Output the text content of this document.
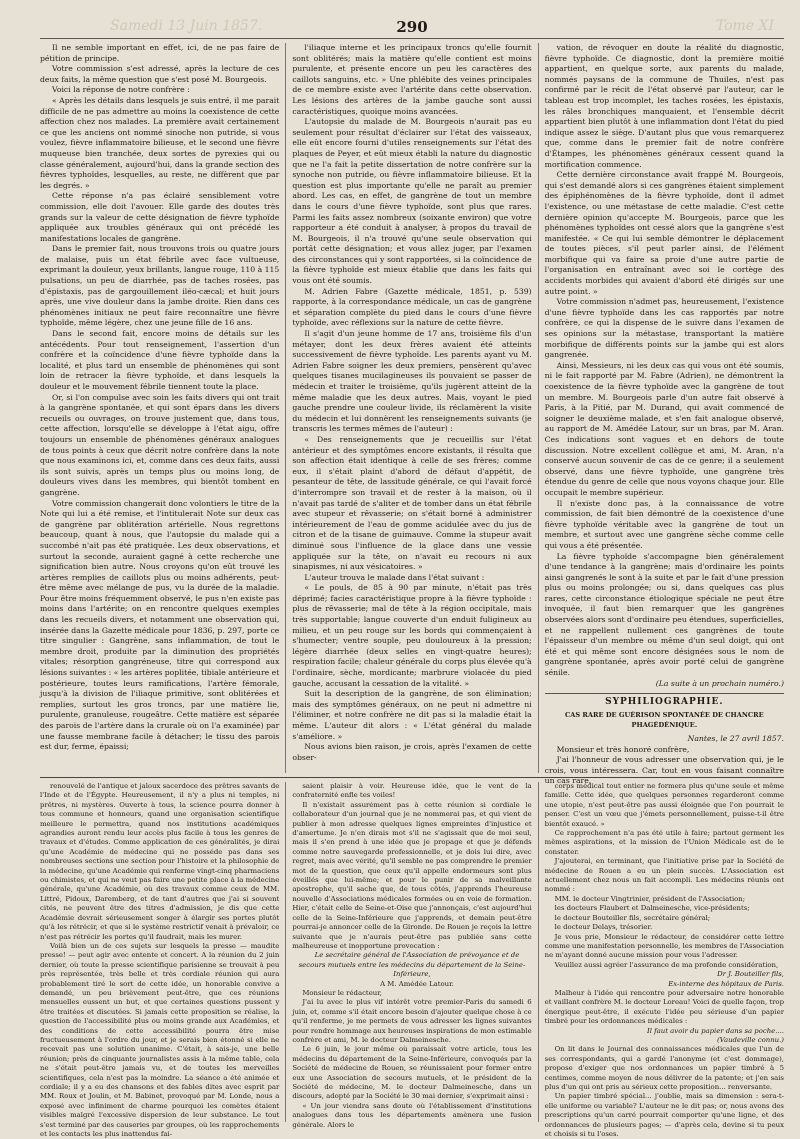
Samedi 13 Juin 1857.	290	Tome XI

Il ne semble important en effet, ici, de ne pas faire de pétition de principe.

Votre commission s'est adressé, après la lecture de ces deux faits, la même question que s'est posé M. Bourgeois.

Voici la réponse de notre confrère :

« Après les détails dans lesquels je suis entré, il me parait difficile de ne pas admettre au moins la coexistence de cette affection chez nos malades. La première avait certainement ce que les anciens ont nommé sinoche non putride, si vous voulez, fièvre inflammatoire bilieuse, et le second une fièvre muqueuse bien tranchée, deux sortes de pyrexies qui ou classe généralement, aujourd'hui, dans la grande section des fièvres typhoïdes, lesquelles, au reste, ne diffèrent que par les degrés. »

Cette réponse n'a pas éclairé sensiblement votre commission, elle doit l'avouer. Elle garde des doutes très grands sur la valeur de cette désignation de fièvre typhoïde appliquée aux troubles généraux qui ont précédé les manifestations locales de gangrène.

Dans le premier fait, nous trouvons trois ou quatre jours de malaise, puis un état fébrile avec face vultueuse, exprimant la douleur, yeux brillants, langue rouge, 110 à 115 pulsations, un peu de diarrhée, pas de taches rosées, pas d'épistaxis, pas de gargouillement iléo-cæcal; et huit jours après, une vive douleur dans la jambe droite. Rien dans ces phénomènes initiaux ne peut faire reconnaître une fièvre typhoïde, même légère, chez une jeune fille de 16 ans.

Dans le second fait, encore moins de détails sur les antécédents. Pour tout renseignement, l'assertion d'un confrère et la coïncidence d'une fièvre typhoïde dans la localité, et plus tard un ensemble de phénomènes qui sont loin de retracer la fièvre typhoïde, et dans lesquels la douleur et le mouvement fébrile tiennent toute la place.

Or, si l'on compulse avec soin les faits divers qui ont trait à la gangrène spontanée, et qui sont épars dans les divers recueils ou ouvrages, on trouve justement que, dans tous, cette affection, lorsqu'elle se développe à l'état aigu, offre toujours un ensemble de phénomènes généraux analogues de tous points à ceux que décrit notre confrère dans la note que nous examinons ici, et, comme dans ces deux faits, aussi ils sont suivis, après un temps plus ou moins long, de douleurs vives dans les membres, qui bientôt tombent en gangrène.

Votre commission changerait donc volontiers le titre de la Note qui lui a été remise, et l'intitulerait Note sur deux cas de gangrène par oblitération artérielle. Nous regrettons beaucoup, quant à nous, que l'autopsie du malade qui a succombé n'ait pas été pratiquée. Les deux observations, et surtout la seconde, auraient gagné à cette recherche une signification bien autre. Nous croyons qu'on eût trouvé les artères remplies de caillots plus ou moins adhérents, peut-être même avec mélange de pus, vu la durée de la maladie. Pour être moins fréquemment observé, le pus n'en existe pas moins dans l'artérite; on en rencontre quelques exemples dans les recueils divers, et notamment une observation qui, insérée dans la Gazette médicale pour 1836, p. 297, porte ce titre singulier : Gangrène, sans inflammation, de tout le membre droit, produite par la diminution des propriétés vitales; résorption gangréneuse, titre qui correspond aux lésions suivantes : « les artères poplitée, tibiale antérieure et postérieure, toutes leurs ramifications, l'artère fémorale, jusqu'à la division de l'iliaque primitive, sont oblitérées et remplies, surtout les gros troncs, par une matière lie, purulente, granuleuse, rougeâtre. Cette matière est séparée des parois de l'artère dans la crurale où on l'a examinée) par une fausse membrane facile à détacher; le tissu des parois est dur, ferme, épaissi;

l'iliaque interne et les principaux troncs qu'elle fournit sont oblitérés; mais la matière qu'elle contient est moins purulente, et présente encore un peu les caractères des caillots sanguins, etc. » Une phlébite des veines principales de ce membre existe avec l'artérite dans cette observation. Les lésions des artères de la jambe gauche sont aussi caractéristiques, quoique moins avancées.

L'autopsie du malade de M. Bourgeois n'aurait pas eu seulement pour résultat d'éclairer sur l'état des vaisseaux, elle eût encore fourni d'utiles renseignements sur l'état des plaques de Peyer, et eût mieux établi la nature du diagnostic que ne l'a fait la petite dissertation de notre confrère sur la synoche non putride, ou fièvre inflammatoire bilieuse. Et la question est plus importante qu'elle ne paraît au premier abord. Les cas, en effet, de gangrène de tout un membre dans le cours d'une fièvre typhoïde, sont plus que rares. Parmi les faits assez nombreux (soixante environ) que votre rapporteur a été conduit à analyser, à propos du travail de M. Bourgeois, il n'a trouvé qu'une seule observation qui portât cette désignation; et vous allez juger, par l'examen des circonstances qui y sont rapportées, si la coïncidence de la fièvre typhoïde est mieux établie que dans les faits qui vous ont été soumis.

M. Adrien Fabre (Gazette médicale, 1851, p. 539) rapporte, à la correspondance médicale, un cas de gangrène et séparation complète du pied dans le cours d'une fièvre typhoïde, avec réflexions sur la nature de cette fièvre.

Il s'agit d'un jeune homme de 17 ans, troisième fils d'un métayer, dont les deux frères avaient été atteints successivement de fièvre typhoïde. Les parents ayant vu M. Adrien Fabre soigner les deux premiers, pensèrent qu'avec quelques tisanes mucilagineuses ils pouvaient se passer de médecin et traiter le troisième, qu'ils jugèrent atteint de la même maladie que les deux autres. Mais, voyant le pied gauche prendre une couleur livide, ils réclamèrent la visite du médecin et lui donnèrent les renseignements suivants (je transcris les termes mêmes de l'auteur) :

« Des renseignements que je recueillis sur l'état antérieur et des symptômes encore existants, il résulta que son affection était identique à celle de ses frères; comme eux, il s'était plaint d'abord de défaut d'appétit, de pesanteur de tête, de lassitude générale, ce qui l'avait forcé d'interrompre son travail et de rester à la maison, où il n'avait pas tardé de s'aliter et de tomber dans un état fébrile avec stupeur et rêvasserie; on s'était borné à administrer intérieurement de l'eau de gomme acidulée avec du jus de citron et de la tisane de guimauve. Comme la stupeur avait diminué sous l'influence de la glace dans une vessie appliquée sur la tête, on n'avait eu recours ni aux sinapismes, ni aux vésicatoires. »

L'auteur trouva le malade dans l'état suivant :

« Le pouls, de 85 à 90 par minute, n'était pas très déprimé; facies caractéristique propre à la fièvre typhoïde : plus de rêvasserie; mal de tête à la région occipitale, mais très supportable; langue couverte d'un enduit fuligineux au milieu, et un peu rouge sur les bords qui commençaient à s'humecter; ventre souple, peu douloureux à la pression; légère diarrhée (deux selles en vingt-quatre heures); respiration facile; chaleur générale du corps plus élevée qu'à l'ordinaire, sèche, mordicante; marbrure violacée du pied gauche, accusant la cessation de la vitalité. »

Suit la description de la gangrène, de son élimination; mais des symptômes généraux, on ne peut ni admettre ni l'éliminer, et notre confrère ne dit pas si la maladie était la même. L'auteur dit alors : « L'état général du malade s'améliore. »

Nous avions bien raison, je crois, après l'examen de cette obser-

vation, de révoquer en doute la réalité du diagnostic, fièvre typhoïde. Ce diagnostic, dont la première moitié appartient, en quelque sorte, aux parents du malade, nommés paysans de la commune de Thuiles, n'est pas confirmé par le récit de l'état observé par l'auteur, car le tableau est trop incomplet, les taches rosées, les épistaxis, les râles bronchiques manquaient, et l'ensemble décrit appartient bien plutôt à une inflammation dont l'état du pied indique assez le siège. D'autant plus que vous remarquerez que, comme dans le premier fait de notre confrère d'Étampes, les phénomènes généraux cessent quand la mortification commence.

Cette dernière circonstance avait frappé M. Bourgeois, qui s'est demandé alors si ces gangrènes étaient simplement des épiphénomènes de la fièvre typhoïde, dont il admet l'existence, ou une métastase de cette maladie. C'est cette dernière opinion qu'accepte M. Bourgeois, parce que les phénomènes typhoïdes ont cessé alors que la gangrène s'est manifestée. « Ce qui lui semble démontrer le déplacement de toutes pièces, s'il peut parler ainsi, de l'élément morbifique qui va faire sa proie d'une autre partie de l'organisation en entraînant avec soi le cortège des accidents morbides qui avaient d'abord été dirigés sur une autre point. »

Votre commission n'admet pas, heureusement, l'existence d'une fièvre typhoïde dans les cas rapportés par notre confrère, ce qui la dispense de le suivre dans l'examen de ses opinions sur la métastase, transportant la matière morbifique de différents points sur la jambe qui est alors gangrenée.

Ainsi, Messieurs, ni les deux cas qui vous ont été soumis, ni le fait rapporté par M. Fabre (Adrien), ne démontrent la coexistence de la fièvre typhoïde avec la gangrène de tout un membre. M. Bourgeois parle d'un autre fait observé à Paris, à la Pitié, par M. Durand, qui avait commencé de soigner le deuxième malade, et s'en fait analogue observé, au rapport de M. Amédée Latour, sur un bras, par M. Aran. Ces indications sont vagues et en dehors de toute discussion. Notre excellent collègue et ami, M. Aran, n'a conservé aucun souvenir de cas de ce genre; il a seulement observé, dans une fièvre typhoïde, une gangrène très étendue du genre de celle que nous voyons chaque jour. Elle occupait le membre supérieur.

Il n'existe donc pas, à la connaissance de votre commission, de fait bien démontré de la coexistence d'une fièvre typhoïde véritable avec la gangrène de tout un membre, et surtout avec une gangrène sèche comme celle qui vous a été présentée.

La fièvre typhoïde s'accompagne bien généralement d'une tendance à la gangrène; mais d'ordinaire les points ainsi gangrenés le sont à la suite et par le fait d'une pression plus ou moins prolongée; ou si, dans quelques cas plus rares, cette circonstance étiologique spéciale ne peut être invoquée, il faut bien remarquer que les gangrènes observées alors sont d'ordinaire peu étendues, superficielles, et ne rappellent nullement ces gangrènes de toute l'épaisseur d'un membre ou même d'un seul doigt, qui ont été et qui même sont encore désignées sous le nom de gangrène spontanée, après avoir porté celui de gangrène sénile.

(La suite à un prochain numéro.)

SYPHILIOGRAPHIE.
CAS RARE DE GUÉRISON SPONTANÉE DE CHANCRE PHAGÉDÉNIQUE.

Nantes, le 27 avril 1857.

Monsieur et très honoré confrère,

J'ai l'honneur de vous adresser une observation qui, je le crois, vous intéressera. Car, tout en vous faisant connaître un cas rare,

renouvelé de l'antique et jaloux sacerdoce des prêtres savants de l'Inde et de l'Égypte. Heureusement, il n'y a plus ni temples, ni prêtres, ni mystères. Ouverte à tous, la science pourra donner à tous commune et honneurs, quand une organisation scientifique meilleure le permettra, quand nos institutions académiques agrandies auront rendu leur accès plus facile à tous les genres de travaux et d'études. Comme application de ces généralités, je dirai qu'une Académie de médecine qui ne posséde pas dans ses nombreuses sections une section pour l'histoire et la philosophie de la médecine, qu'une Académie qui renferme vingt-cinq pharmaciens ou chimistes, et qui ne veut pas faire une petite place à la médecine générale, qu'une Académie, où des travaux comme ceux de MM. Littré, Pidoux, Daremberg, et de tant d'autres que j'ai si souvent cités, ne peuvent être des titres d'admission, je dis que cette Académie devrait sérieusement songer à élargir ses portes plutôt qu'à les rétrécir, et que si le système restrictif venait à prévaloir, ce n'est pas rétrécir les portes qu'il faudrait, mais les murer.

Voilà bien un de ces sujets sur lesquels la presse — maudite presse! — peut agir avec entente et concert. A la réunion du 2 juin dernier, où toute la presse scientifique parisienne se trouvait à peu près représentée, très belle et très cordiale réunion qui aura probablement tiré le sort de cette idée, un honorable convive a demandé, un peu brièvement peut-être, que ces réunions mensuelles eussent un but, et que certaines questions pussent y être traitées et discutées. Si jamais cette proposition se réalise, la question de l'accessibilité plus ou moins grande aux Académies, et des conditions de cette accessibilité pourra être mise fructueusement à l'ordre du jour, et je serais bien étonné si elle ne recevait pas une solution unanime. C'était, à sais-je, une belle réunion; près de cinquante journalistes assis à la même table, cela ne s'était peut-être jamais vu, et de toutes les merveilles scientifiques, cela n'est pas la moindre. La séance a été animée et cordiale; il y a eu des chansons et des fables dites avec esprit par MM. Roux et Joulin, et M. Babinet, provoqué par M. Londe, nous a exposé avec infiniment de charme pourquoi les comètes étaient visibles malgré l'excessive dispersion de leur substance. Le tout s'est terminé par des causeries par groupes, où les rapprochements et les contacts les plus inattendus fai-

saient plaisir à voir. Heureuse idée, que le vent de la confraternité enfle tes voiles!

Il n'existait assurément pas à cette réunion si cordiale le collaborateur d'un journal que je ne nommerai pas, et qui vient de publier à mon adresse quelques lignes empreintes d'injustice et d'amertume. Je n'en dirais mot s'il ne s'agissait que de moi seul, mais il s'en prend à une idée que je propage et que je défends comme notre sauvegarde professionnelle, et je dois lui dire, avec regret, mais avec vérité, qu'il semble ne pas comprendre le premier mot de la question, que ceux qu'il appelle endormeurs sont plus éveillés que lui-même; et pour le punir de sa malveillante apostrophe, qu'il sache que, de tous côtés, j'apprends l'heureuse nouvelle d'Associations médicales formées ou en voie de formation. Hier, c'était celle de Seine-et-Oise que j'annonçais, c'est aujourd'hui celle de la Seine-Inférieure que j'apprends, et demain peut-être pourrai-je annoncer celle de la Gironde. De Rouen je reçois la lettre suivante que je n'aurais peut-être pas publiée sans cette malheureuse et inopportune provocation :

Le secrétaire général de l'Association de prévoyance et de secours mutuels entre les médecins du département de la Seine-Inférieure,

A M. Amédée Latour.

Monsieur le rédacteur,

J'ai lu avec le plus vif intérêt votre premier-Paris du samedi 6 juin, et, comme s'il était encore besoin d'ajouter quelque chose à ce qu'il renferme, je me permets de vous adresser les lignes suivantes pour rendre hommage aux heureuses inspirations de mon estimable confrère et ami, M. le docteur Dalmeinesche.

Le 6 juin, le jour même où paraissait votre article, tous les médecins du département de la Seine-Inférieure, convoqués par la Société de médecine de Rouen, se réunissaient pour former entre eux une Association de secours mutuels, et le président de la Société de médecine, M. le docteur Dalmeinesche, dans un discours, adopté par la Société le 30 mai dernier, s'exprimait ainsi :

« Un jour viendra sans doute où l'établissement d'institutions analogues dans tous les départements amènera une fusion générale. Alors le

corps médical tout entier ne formera plus qu'une seule et même famille. Cette idée, que quelques personnes regarderont comme une utopie, n'est peut-être pas aussi éloignée que l'on pourrait le penser. C'est un vœu que j'émets personnellement, puisse-t-il être bientôt exaucé. »

Ce rapprochement n'a pas été utile à faire; partout germent les mêmes aspirations, et la mission de l'Union Médicale est de le constater.

J'ajouterai, en terminant, que l'initiative prise par la Société de médecine de Rouen a eu un plein succès. L'Association est actuellement chez nous un fait accompli. Les médecins réunis ont nommé :

MM. le docteur Vingtrinier, président de l'Association;

les docteurs Flaubert et Dalmeinesche, vice-présidents;

le docteur Bouteiller fils, secrétaire général;

le docteur Delays, trésorier.

Je vous prie, Monsieur le rédacteur, de considérer cette lettre comme une manifestation personnelle, les membres de l'Association ne m'ayant donné aucune mission pour vous l'adresser.

Veuillez aussi agréer l'assurance de ma profonde considération,

Dr J. Bouteiller fils,

Ex-interne des hôpitaux de Paris.

Malheur à l'idée qui rencontre pour adversaire notre honorable et vaillant confrère M. le docteur Loreau! Voici de quelle façon, trop énergique peut-être, il exécute l'idée peu sérieuse d'un papier timbré pour les ordonnances médicales :

Il faut avoir du papier dans sa poche....

(Vaudeville connu.)

On lit dans le Journal des connaissances médicales que l'un de ses correspondants, qui a gardé l'anonyme (et c'est dommage), propose d'exiger que nos ordonnances un papier timbré à 5 centimes, comme moyen de nous délivrer de la patente; et j'en sais plus d'un qui ont pris au sérieux cette proposition... renversante.

Un papier timbré spécial... j'oublie, mais sa dimension : sera-t-elle uniforme ou variable? L'auteur ne le dit pas; or, nous avons des prescriptions qu'un carré pourrait comporter qu'une ligne, et des ordonnances de plusieurs pages; — d'après cela, devine si tu peux et choisis si tu l'oses.
